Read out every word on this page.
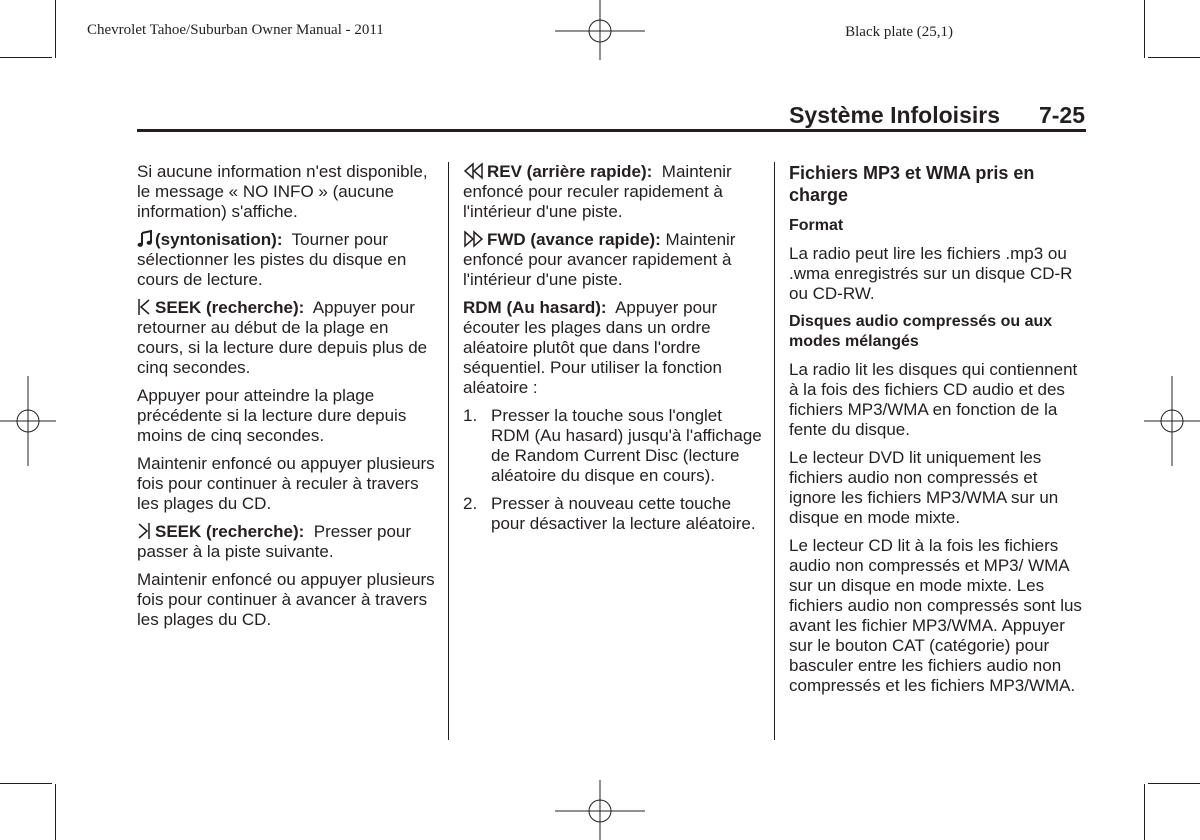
Chevrolet Tahoe/Suburban Owner Manual - 2011	Black plate (25,1)
Système Infoloisirs 7-25

Si aucune information n'est disponible, le message « NO INFO » (aucune information) s'affiche.

(syntonisation): Tourner pour sélectionner les pistes du disque en cours de lecture.

SEEK (recherche): Appuyer pour retourner au début de la plage en cours, si la lecture dure depuis plus de cinq secondes.

Appuyer pour atteindre la plage précédente si la lecture dure depuis moins de cinq secondes.

Maintenir enfoncé ou appuyer plusieurs fois pour continuer à reculer à travers les plages du CD.

SEEK (recherche): Presser pour passer à la piste suivante.

Maintenir enfoncé ou appuyer plusieurs fois pour continuer à avancer à travers les plages du CD.

REV (arrière rapide): Maintenir enfoncé pour reculer rapidement à l'intérieur d'une piste.

FWD (avance rapide): Maintenir enfoncé pour avancer rapidement à l'intérieur d'une piste.

RDM (Au hasard): Appuyer pour écouter les plages dans un ordre aléatoire plutôt que dans l'ordre séquentiel. Pour utiliser la fonction aléatoire :

1. Presser la touche sous l'onglet RDM (Au hasard) jusqu'à l'affichage de Random Current Disc (lecture aléatoire du disque en cours).
2. Presser à nouveau cette touche pour désactiver la lecture aléatoire.
Fichiers MP3 et WMA pris en charge
Format

La radio peut lire les fichiers .mp3 ou .wma enregistrés sur un disque CD-R ou CD-RW.

Disques audio compressés ou aux modes mélangés

La radio lit les disques qui contiennent à la fois des fichiers CD audio et des fichiers MP3/WMA en fonction de la fente du disque.

Le lecteur DVD lit uniquement les fichiers audio non compressés et ignore les fichiers MP3/WMA sur un disque en mode mixte.

Le lecteur CD lit à la fois les fichiers audio non compressés et MP3/ WMA sur un disque en mode mixte. Les fichiers audio non compressés sont lus avant les fichier MP3/WMA. Appuyer sur le bouton CAT (catégorie) pour basculer entre les fichiers audio non compressés et les fichiers MP3/WMA.
